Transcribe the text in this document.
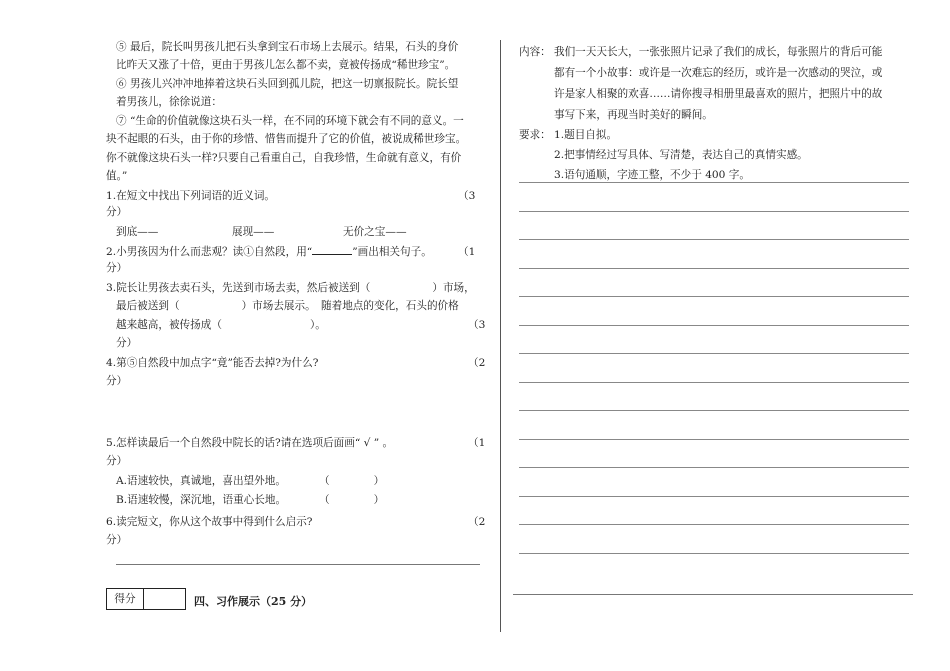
⑤ 最后，院长叫男孩儿把石头拿到宝石市场上去展示。结果，石头的身价
比昨天又涨了十倍，更由于男孩儿怎么都不卖，竟被传扬成“稀世珍宝”。
⑥ 男孩儿兴冲冲地捧着这块石头回到孤儿院，把这一切禀报院长。院长望
着男孩儿，徐徐说道：
⑦ “生命的价值就像这块石头一样，在不同的环境下就会有不同的意义。一
块不起眼的石头，由于你的珍惜、惜售而提升了它的价值，被说成稀世珍宝。
你不就像这块石头一样?只要自己看重自己，自我珍惜，生命就有意义，有价
值。”
1.在短文中找出下列词语的近义词。	（3
分）
到底——	展现——	无价之宝——
2.小男孩因为什么而悲观？读①自然段，用“	”画出相关句子。 （1
分）
3.院长让男孩去卖石头，先送到市场去卖，然后被送到（	）市场，
最后被送到（	）市场去展示。　随着地点的变化，石头的价格
越来越高，被传扬成（	）。	（3
分）
4.第⑤自然段中加点字“竟”能否去掉?为什么?	（2
分）
5.怎样读最后一个自然段中院长的话?请在选项后面画“ √ ” 。	（1
分）
A.语速较快，真诚地，喜出望外地。	（	）
B.语速较慢，深沉地，语重心长地。	（	）
6.读完短文，你从这个故事中得到什么启示?	（2
分）
得分	四、习作展示（25 分）
内容： 我们一天天长大，一张张照片记录了我们的成长，每张照片的背后可能
都有一个小故事：或许是一次难忘的经历，或许是一次感动的哭泣，或
许是家人相聚的欢喜……请你搜寻相册里最喜欢的照片，把照片中的故
事写下来，再现当时美好的瞬间。
要求： 1.题目自拟。
2.把事情经过写具体、写清楚，表达自己的真情实感。
3.语句通顺，字迹工整，不少于 400 字。
